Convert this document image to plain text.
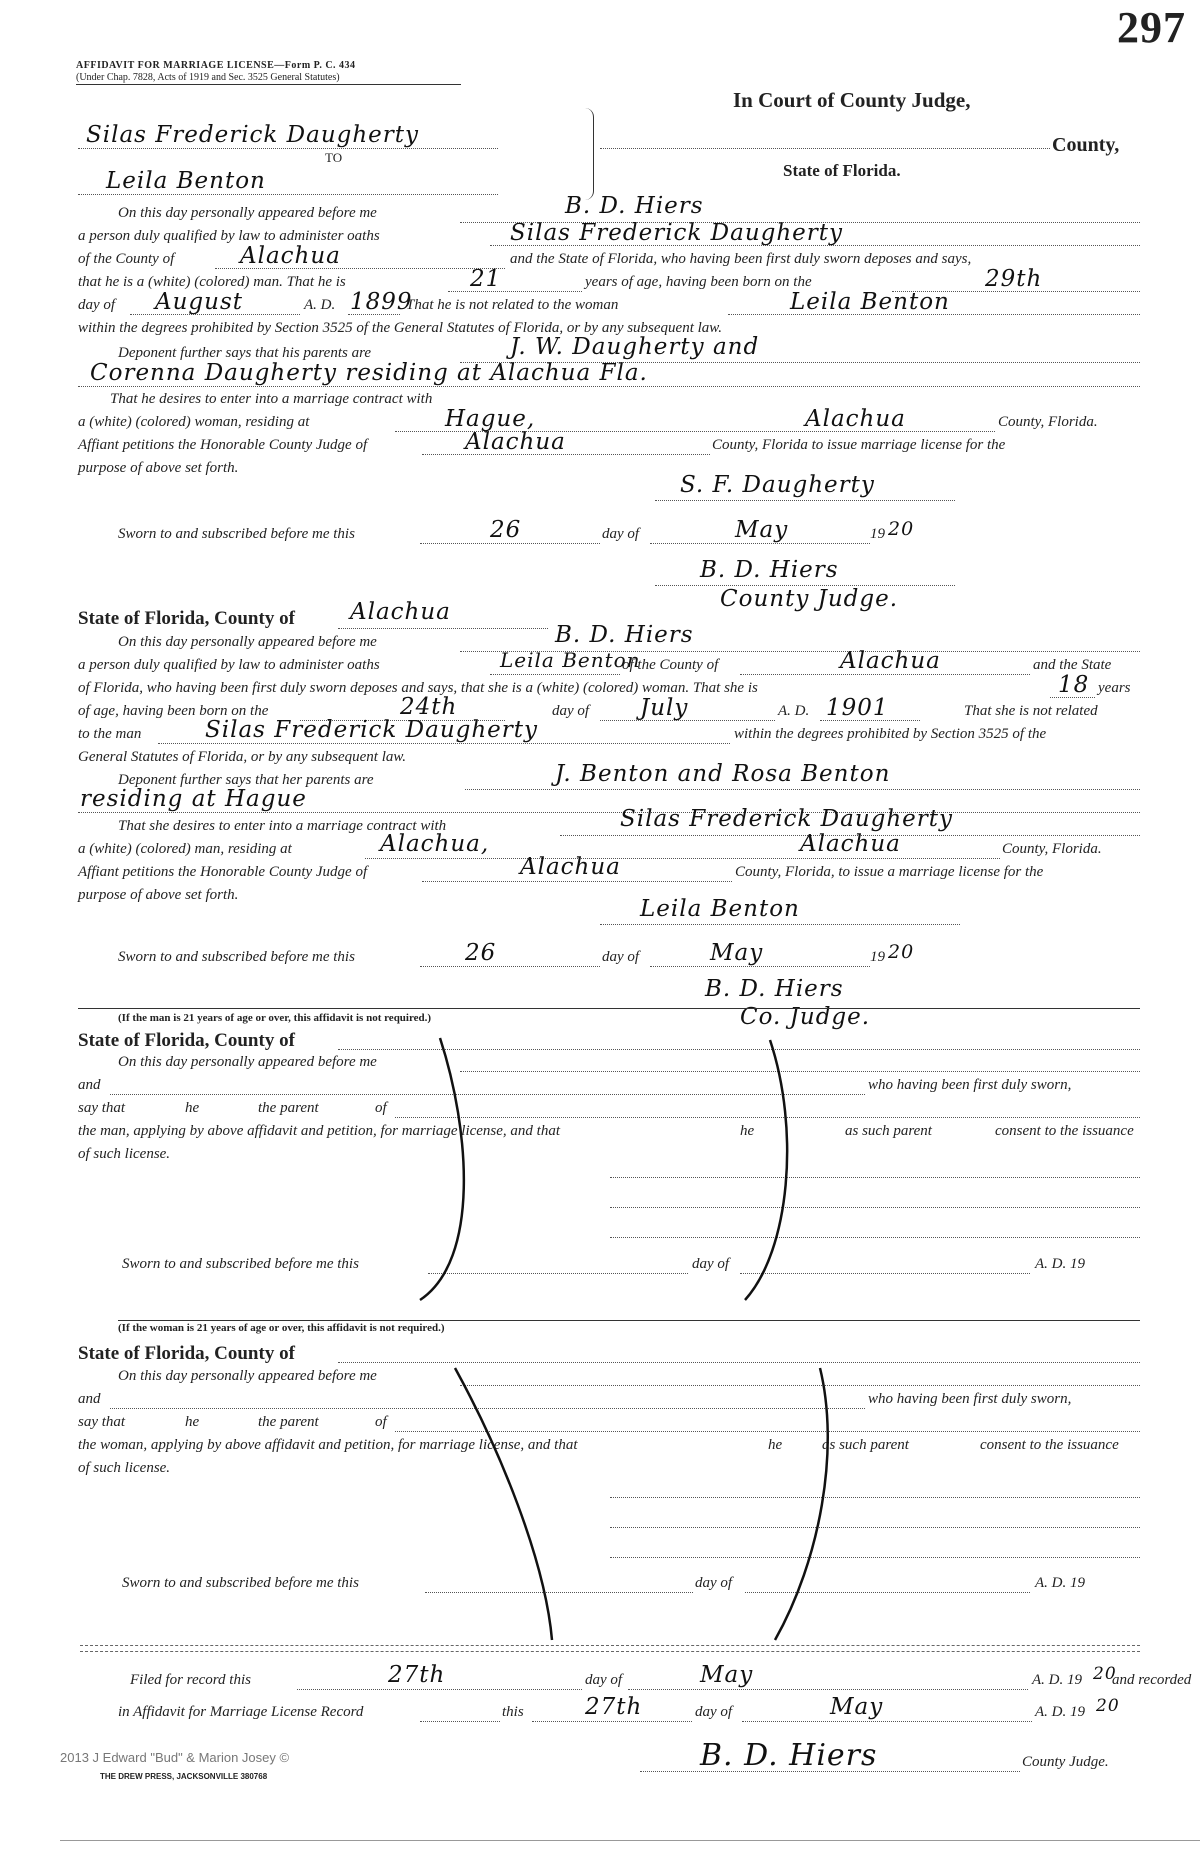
297
AFFIDAVIT FOR MARRIAGE LICENSE—Form P. C. 434
(Under Chap. 7828, Acts of 1919 and Sec. 3525 General Statutes)
In Court of County Judge,
County,
State of Florida.
Silas Frederick Daugherty
TO
Leila Benton
On this day personally appeared before me	B. D. Hiers
a person duly qualified by law to administer oaths	Silas Frederick Daugherty
of the County of	Alachua	and the State of Florida, who having been first duly sworn deposes and says,
that he is a (white) (colored) man. That he is	21	years of age, having been born on the	29th
day of August	A. D. 1899
That he is not related to the woman	Leila Benton
within the degrees prohibited by Section 3525 of the General Statutes of Florida, or by any subsequent law.
Deponent further says that his parents are	J. W. Daugherty and
Corenna Daugherty residing at Alachua Fla.
That he desires to enter into a marriage contract with
a (white) (colored) woman, residing at	Hague,	Alachua	County, Florida.
Affiant petitions the Honorable County Judge of	Alachua	County, Florida to issue marriage license for the
purpose of above set forth.
S. F. Daugherty
Sworn to and subscribed before me this	26	day of	May	19 20
B. D. Hiers
County Judge.
State of Florida, County of Alachua
On this day personally appeared before me	B. D. Hiers
a person duly qualified by law to administer oaths	Leila Benton
of the County of	Alachua	and the State
of Florida, who having been first duly sworn deposes and says, that she is a (white) (colored) woman. That she is	18 years
of age, having been born on the	24th	day of July	A. D. 1901	That she is not related
to the man	Silas Frederick Daugherty	within the degrees prohibited by Section 3525 of the
General Statutes of Florida, or by any subsequent law.
Deponent further says that her parents are	J. Benton and Rosa Benton
residing at Hague
That she desires to enter into a marriage contract with	Silas Frederick Daugherty
a (white) (colored) man, residing at	Alachua,	Alachua	County, Florida.
Affiant petitions the Honorable County Judge of	Alachua	County, Florida, to issue a marriage license for the
purpose of above set forth.
Leila Benton
Sworn to and subscribed before me this	26	day of	May	19 20
B. D. Hiers
Co. Judge.
(If the man is 21 years of age or over, this affidavit is not required.)
State of Florida, County of
On this day personally appeared before me
and	who having been first duly sworn,
say that	he	the parent	of
the man, applying by above affidavit and petition, for marriage license, and that	he	as such parent	consent to the issuance
of such license.
Sworn to and subscribed before me this	day of	A. D. 19
(If the woman is 21 years of age or over, this affidavit is not required.)
State of Florida, County of
On this day personally appeared before me
and	who having been first duly sworn,
say that	he	the parent	of
the woman, applying by above affidavit and petition, for marriage license, and that	he	as such parent	consent to the issuance
of such license.
Sworn to and subscribed before me this	day of	A. D. 19
Filed for record this	27th	day of	May	A. D. 19 20
and recorded
in Affidavit for Marriage License Record	this	27th	day of	May	A. D. 19 20
B. D. Hiers	County Judge.
2013 J Edward "Bud" & Marion Josey ©
THE DREW PRESS, JACKSONVILLE 380768
